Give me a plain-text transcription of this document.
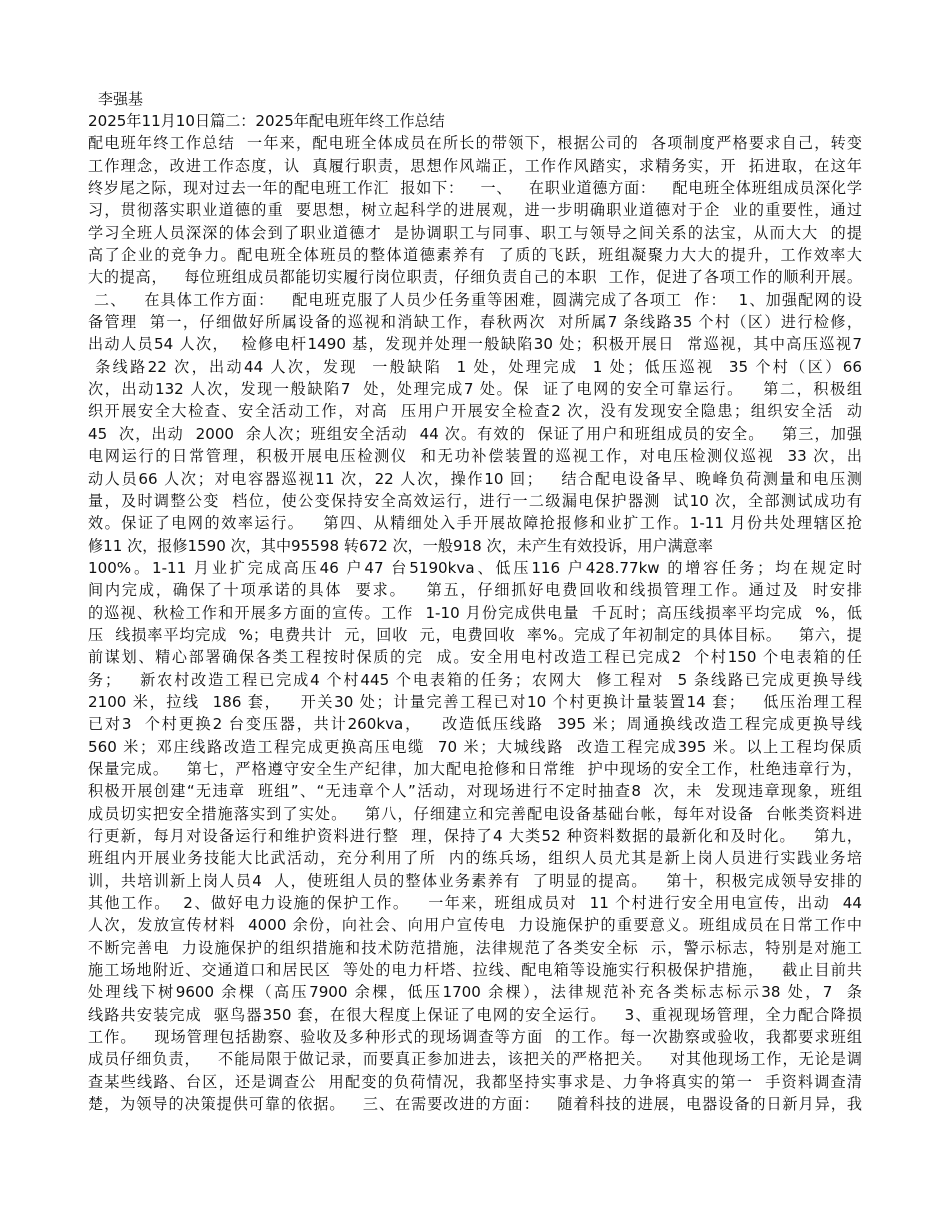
李强基
2025年11月10日篇二：2025年配电班年终工作总结
配电班年终工作总结  一年来，配电班全体成员在所长的带领下，根据公司的  各项制度严格要求自己，转变
工作理念，改进工作态度，认  真履行职责，思想作风端正，工作作风踏实，求精务实，开  拓进取，在这年
终岁尾之际，现对过去一年的配电班工作汇  报如下：   一、   在职业道德方面：   配电班全体班组成员深化学
习，贯彻落实职业道德的重  要思想，树立起科学的进展观，进一步明确职业道德对于企  业的重要性，通过
学习全班人员深深的体会到了职业道德才  是协调职工与同事、职工与领导之间关系的法宝，从而大大  的提
高了企业的竞争力。配电班全体班员的整体道德素养有  了质的飞跃，班组凝聚力大大的提升，工作效率大
大的提高，   每位班组成员都能切实履行岗位职责，仔细负责自己的本职  工作，促进了各项工作的顺利开展。
二、   在具体工作方面：   配电班克服了人员少任务重等困难，圆满完成了各项工  作：  1、加强配网的设
备管理  第一，仔细做好所属设备的巡视和消缺工作，春秋两次  对所属7 条线路35 个村（区）进行检修，
出动人员54 人次，  检修电杆1490 基，发现并处理一般缺陷30 处；积极开展日  常巡视，其中高压巡视7
条线路22 次，出动44 人次，发现  一般缺陷  1 处，处理完成  1 处；低压巡视  35 个村（区）66
次，出动132 人次，发现一般缺陷7  处，处理完成7 处。保  证了电网的安全可靠运行。   第二，积极组
织开展安全大检查、安全活动工作，对高  压用户开展安全检查2 次，没有发现安全隐患；组织安全活  动
45  次，出动  2000  余人次；班组安全活动  44 次。有效的  保证了用户和班组成员的安全。   第三，加强
电网运行的日常管理，积极开展电压检测仪  和无功补偿装置的巡视工作，对电压检测仪巡视  33 次，出
动人员66 人次；对电容器巡视11 次，22 人次，操作10 回；   结合配电设备早、晚峰负荷测量和电压测
量，及时调整公变  档位，使公变保持安全高效运行，进行一二级漏电保护器测  试10 次，全部测试成功有
效。保证了电网的效率运行。   第四、从精细处入手开展故障抢报修和业扩工作。1-11 月份共处理辖区抢
修11 次，报修1590 次，其中95598 转672 次，一般918 次，未产生有效投诉，用户满意率
100%。1-11 月业扩完成高压46 户47 台5190kva、低压116 户428.77kw 的增容任务；均在规定时
间内完成，确保了十项承诺的具体  要求。   第五，仔细抓好电费回收和线损管理工作。通过及  时安排
的巡视、秋检工作和开展多方面的宣传。工作  1-10 月份完成供电量  千瓦时；高压线损率平均完成  %，低
压  线损率平均完成  %；电费共计  元，回收  元，电费回收  率%。完成了年初制定的具体目标。   第六，提
前谋划、精心部署确保各类工程按时保质的完  成。安全用电村改造工程已完成2  个村150 个电表箱的任
务；   新农村改造工程已完成4 个村445 个电表箱的任务；农网大  修工程对  5 条线路已完成更换导线
2100 米，拉线  186 套，   开关30 处；计量完善工程已对10 个村更换计量装置14 套；   低压治理工程
已对3  个村更换2 台变压器，共计260kva，   改造低压线路  395 米；周通换线改造工程完成更换导线
560 米；邓庄线路改造工程完成更换高压电缆  70 米；大城线路  改造工程完成395 米。以上工程均保质
保量完成。   第七，严格遵守安全生产纪律，加大配电抢修和日常维  护中现场的安全工作，杜绝违章行为，
积极开展创建“无违章  班组”、“无违章个人”活动，对现场进行不定时抽查8  次，未  发现违章现象，班组
成员切实把安全措施落实到了实处。   第八，仔细建立和完善配电设备基础台帐，每年对设备  台帐类资料进
行更新，每月对设备运行和维护资料进行整  理，保持了4 大类52 种资料数据的最新化和及时化。   第九，
班组内开展业务技能大比武活动，充分利用了所  内的练兵场，组织人员尤其是新上岗人员进行实践业务培
训，共培训新上岗人员4  人，使班组人员的整体业务素养有  了明显的提高。   第十，积极完成领导安排的
其他工作。  2、做好电力设施的保护工作。   一年来，班组成员对  11 个村进行安全用电宣传，出动  44
人次，发放宣传材料  4000 余份，向社会、向用户宣传电  力设施保护的重要意义。班组成员在日常工作中
不断完善电  力设施保护的组织措施和技术防范措施，法律规范了各类安全标  示，警示标志，特别是对施工
施工场地附近、交通道口和居民区  等处的电力杆塔、拉线、配电箱等设施实行积极保护措施，   截止目前共
处理线下树9600 余棵（高压7900 余棵，低压1700 余棵），法律规范补充各类标志标示38 处，7  条
线路共安装完成  驱鸟器350 套，在很大程度上保证了电网的安全运行。   3、重视现场管理，全力配合降损
工作。   现场管理包括勘察、验收及多种形式的现场调查等方面  的工作。每一次勘察或验收，我都要求班组
成员仔细负责，   不能局限于做记录，而要真正参加进去，该把关的严格把关。   对其他现场工作，无论是调
查某些线路、台区，还是调查公  用配变的负荷情况，我都坚持实事求是、力争将真实的第一  手资料调查清
楚，为领导的决策提供可靠的依据。   三、在需要改进的方面：   随着科技的进展，电器设备的日新月异，我
